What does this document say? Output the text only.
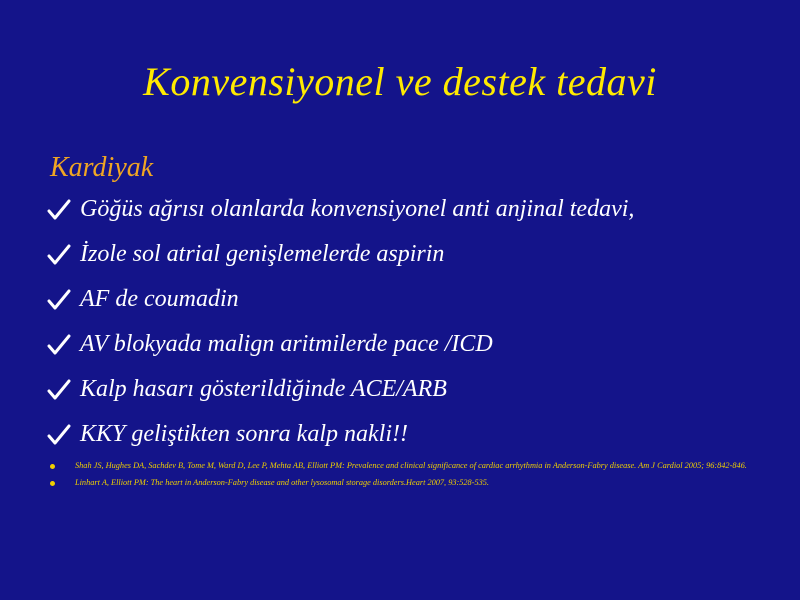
Konvensiyonel ve destek tedavi
Kardiyak
Göğüs ağrısı olanlarda konvensiyonel anti anjinal tedavi,
İzole sol atrial genişlemelerde aspirin
AF de coumadin
AV blokyada malign aritmilerde pace /ICD
Kalp hasarı gösterildiğinde ACE/ARB
KKY geliştikten sonra kalp nakli!!
Shah JS, Hughes DA, Sachdev B, Tome M, Ward D, Lee P, Mehta AB, Elliott PM: Prevalence and clinical significance of cardiac arrhythmia in Anderson-Fabry disease. Am J Cardiol 2005; 96:842-846.
Linhart A, Elliott PM: The heart in Anderson-Fabry disease and other lysosomal storage disorders.Heart 2007, 93:528-535.
